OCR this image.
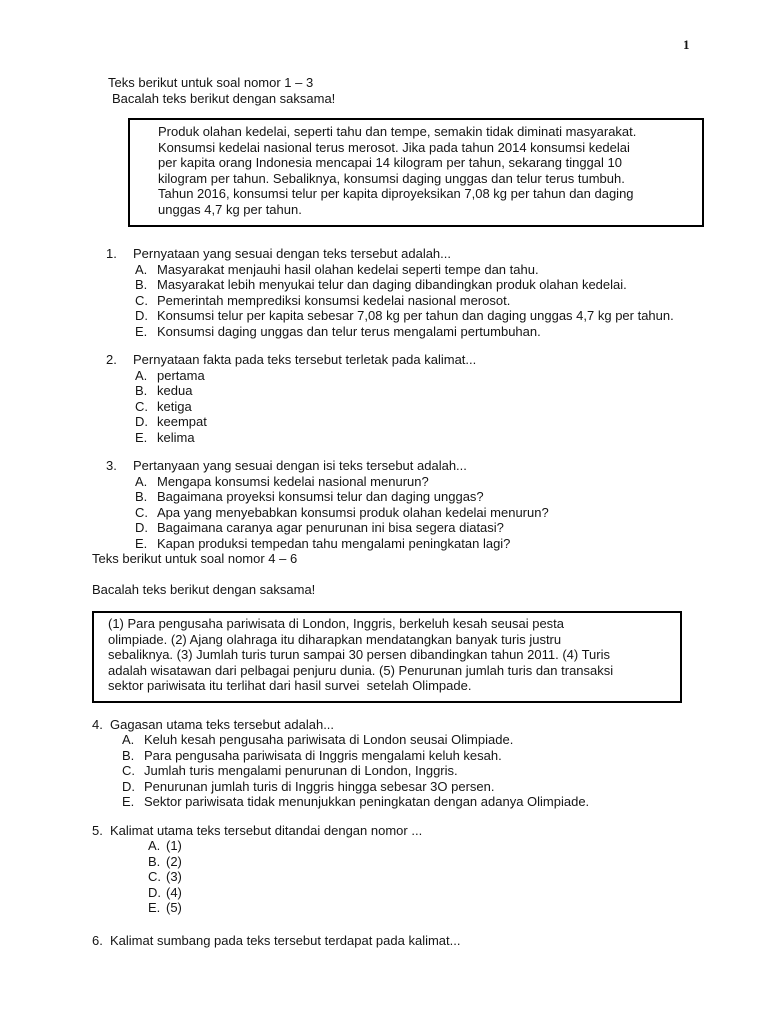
1
Teks berikut untuk soal nomor 1 – 3
Bacalah teks berikut dengan saksama!
Produk olahan kedelai, seperti tahu dan tempe, semakin tidak diminati masyarakat.
Konsumsi kedelai nasional terus merosot. Jika pada tahun 2014 konsumsi kedelai
per kapita orang Indonesia mencapai 14 kilogram per tahun, sekarang tinggal 10
kilogram per tahun. Sebaliknya, konsumsi daging unggas dan telur terus tumbuh.
Tahun 2016, konsumsi telur per kapita diproyeksikan 7,08 kg per tahun dan daging
unggas 4,7 kg per tahun.
1.	Pernyataan yang sesuai dengan teks tersebut adalah...
A. Masyarakat menjauhi hasil olahan kedelai seperti tempe dan tahu.
B. Masyarakat lebih menyukai telur dan daging dibandingkan produk olahan kedelai.
C. Pemerintah memprediksi konsumsi kedelai nasional merosot.
D. Konsumsi telur per kapita sebesar 7,08 kg per tahun dan daging unggas 4,7 kg per tahun.
E. Konsumsi daging unggas dan telur terus mengalami pertumbuhan.
2.	Pernyataan fakta pada teks tersebut terletak pada kalimat...
A. pertama
B. kedua
C. ketiga
D. keempat
E. kelima
3.	Pertanyaan yang sesuai dengan isi teks tersebut adalah...
A. Mengapa konsumsi kedelai nasional menurun?
B. Bagaimana proyeksi konsumsi telur dan daging unggas?
C. Apa yang menyebabkan konsumsi produk olahan kedelai menurun?
D. Bagaimana caranya agar penurunan ini bisa segera diatasi?
E. Kapan produksi tempedan tahu mengalami peningkatan lagi?
Teks berikut untuk soal nomor 4 – 6
Bacalah teks berikut dengan saksama!
(1) Para pengusaha pariwisata di London, Inggris, berkeluh kesah seusai pesta
olimpiade. (2) Ajang olahraga itu diharapkan mendatangkan banyak turis justru
sebaliknya. (3) Jumlah turis turun sampai 30 persen dibandingkan tahun 2011. (4) Turis
adalah wisatawan dari pelbagai penjuru dunia. (5) Penurunan jumlah turis dan transaksi
sektor pariwisata itu terlihat dari hasil survei  setelah Olimpade.
4. Gagasan utama teks tersebut adalah...
A. Keluh kesah pengusaha pariwisata di London seusai Olimpiade.
B. Para pengusaha pariwisata di Inggris mengalami keluh kesah.
C. Jumlah turis mengalami penurunan di London, Inggris.
D. Penurunan jumlah turis di Inggris hingga sebesar 3O persen.
E. Sektor pariwisata tidak menunjukkan peningkatan dengan adanya Olimpiade.
5. Kalimat utama teks tersebut ditandai dengan nomor ...
A. (1)
B. (2)
C. (3)
D. (4)
E. (5)
6. Kalimat sumbang pada teks tersebut terdapat pada kalimat...
